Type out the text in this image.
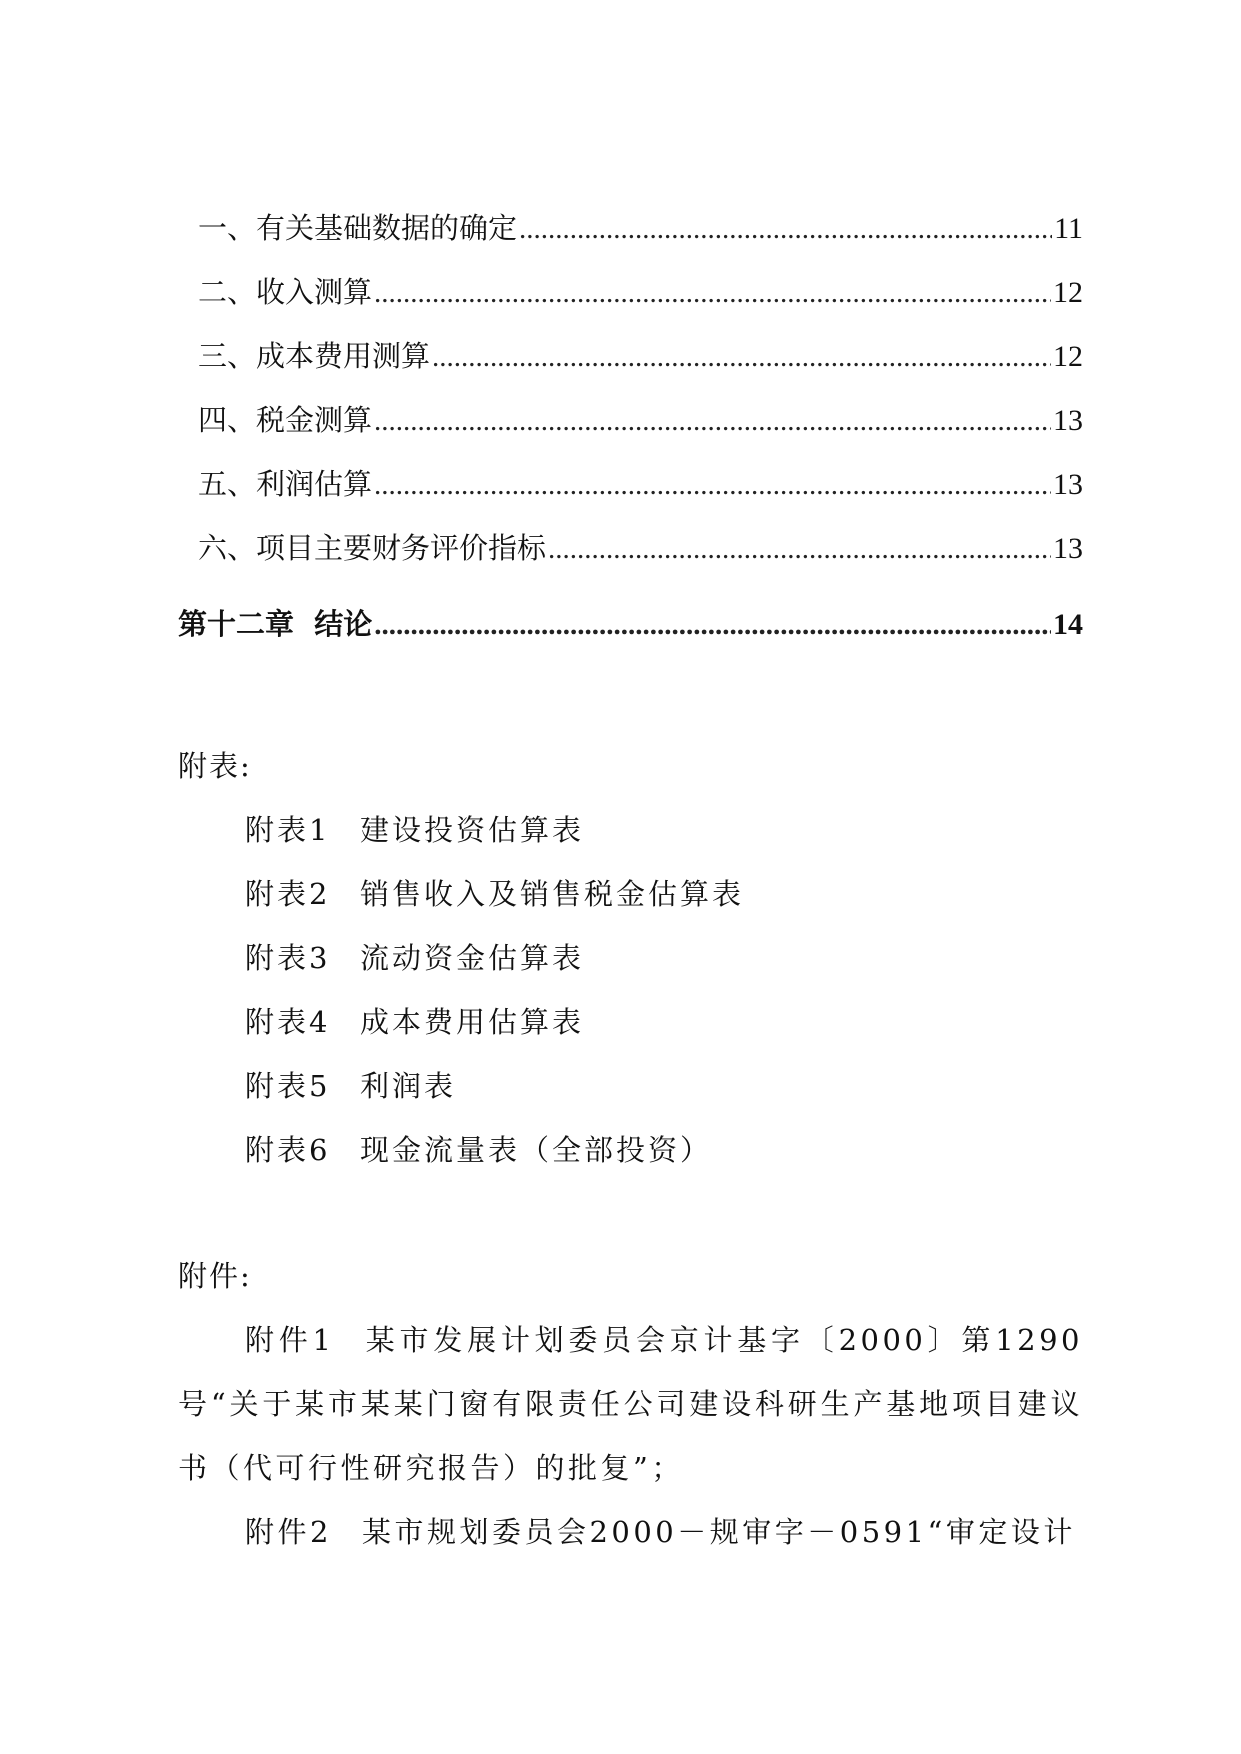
一、有关基础数据的确定 .....	11
二、收入测算 .....	12
三、成本费用测算 .....	12
四、税金测算 .....	13
五、利润估算 .....	13
六、项目主要财务评价指标 .....	13
第十二章  结论 .....	14
附表:
附表1 建设投资估算表
附表2 销售收入及销售税金估算表
附表3 流动资金估算表
附表4 成本费用估算表
附表5 利润表
附表6 现金流量表（全部投资）
附件:
附件1 某市发展计划委员会京计基字〔2000〕第1290号“关于某市某某门窗有限责任公司建设科研生产基地项目建议书（代可行性研究报告）的批复”；
附件2 某市规划委员会2000－规审字－0591“审定设计
